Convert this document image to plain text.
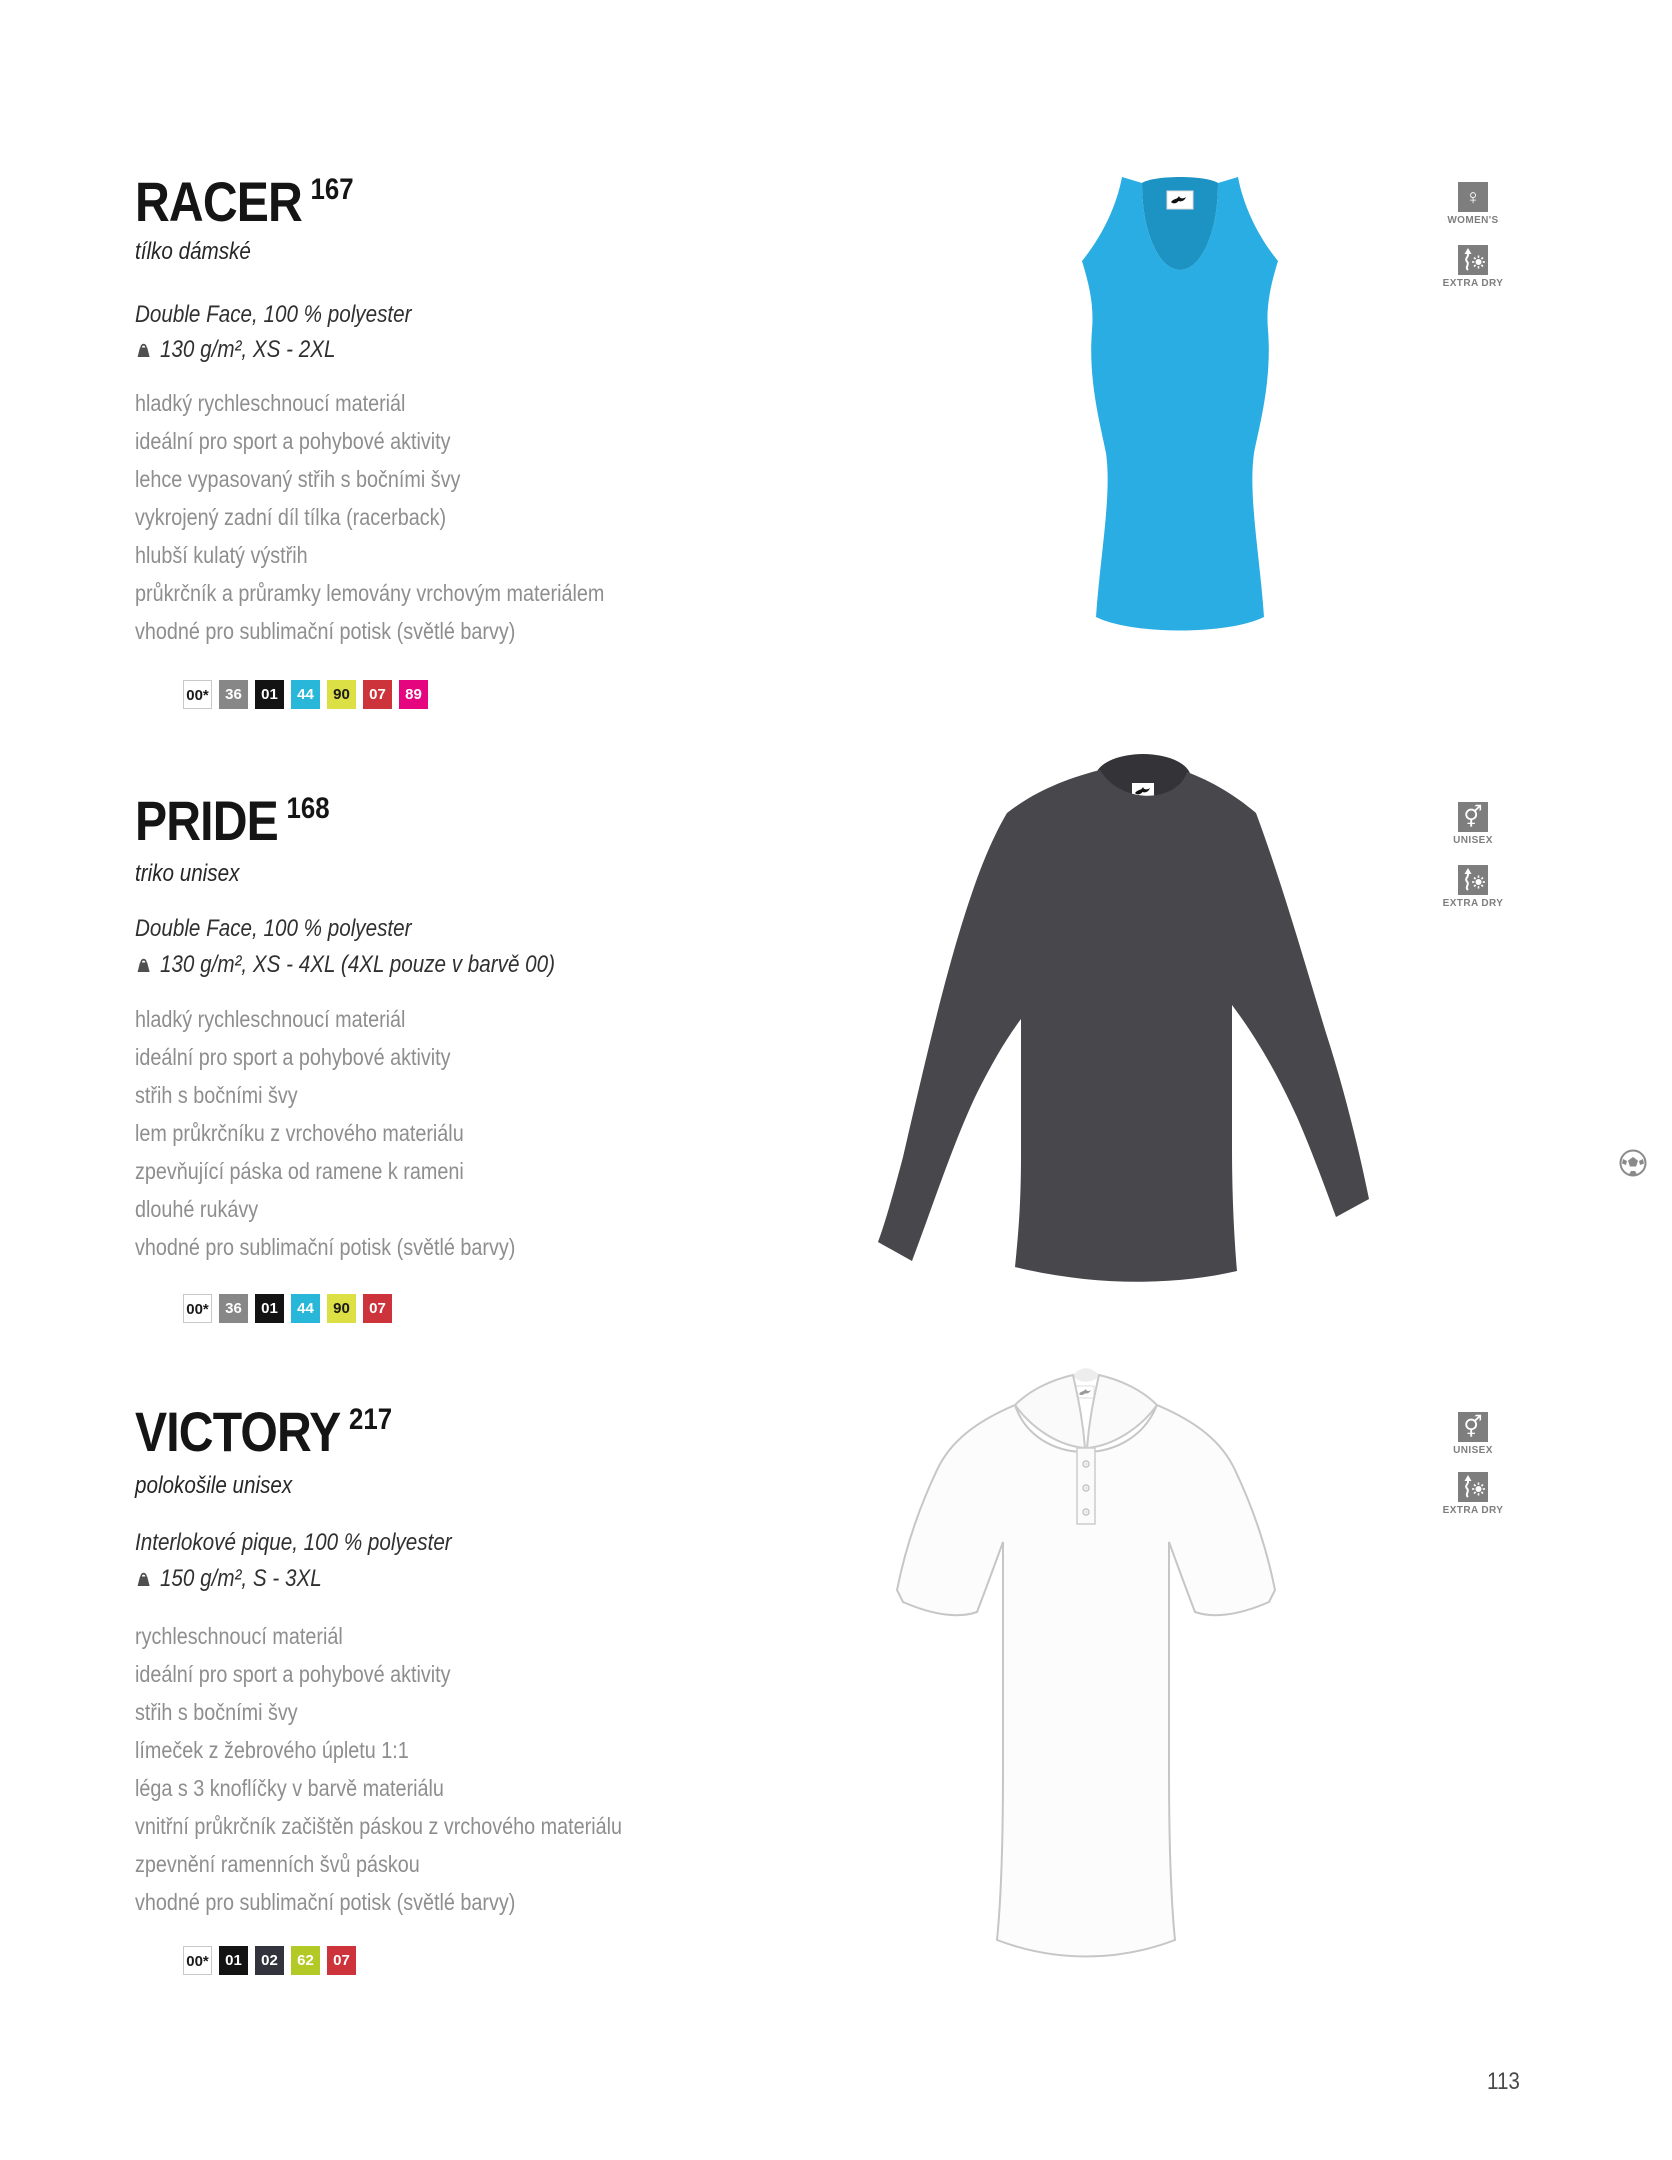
RACER $^{167}$
tílko dámské
Double Face, 100 % polyester
130 g/m², XS - 2XL
hladký rychleschnoucí materiál
ideální pro sport a pohybové aktivity
lehce vypasovaný střih s bočními švy
vykrojený zadní díl tílka (racerback)
hlubší kulatý výstřih
průkrčník a průramky lemovány vrchovým materiálem
vhodné pro sublimační potisk (světlé barvy)
00*	36	01	44	90	07	89
♀
WOMEN'S
EXTRA DRY
PRIDE $^{168}$
triko unisex
Double Face, 100 % polyester
130 g/m², XS - 4XL (4XL pouze v barvě 00)
hladký rychleschnoucí materiál
ideální pro sport a pohybové aktivity
střih s bočními švy
lem průkrčníku z vrchového materiálu
zpevňující páska od ramene k rameni
dlouhé rukávy
vhodné pro sublimační potisk (světlé barvy)
00*	36	01	44	90	07
⚥
UNISEX
EXTRA DRY
VICTORY $^{217}$
polokošile unisex
Interlokové pique, 100 % polyester
150 g/m², S - 3XL
rychleschnoucí materiál
ideální pro sport a pohybové aktivity
střih s bočními švy
límeček z žebrového úpletu 1:1
léga s 3 knoflíčky v barvě materiálu
vnitřní průkrčník začištěn páskou z vrchového materiálu
zpevnění ramenních švů páskou
vhodné pro sublimační potisk (světlé barvy)
00*	01	02	62	07
⚥
UNISEX
EXTRA DRY
113
